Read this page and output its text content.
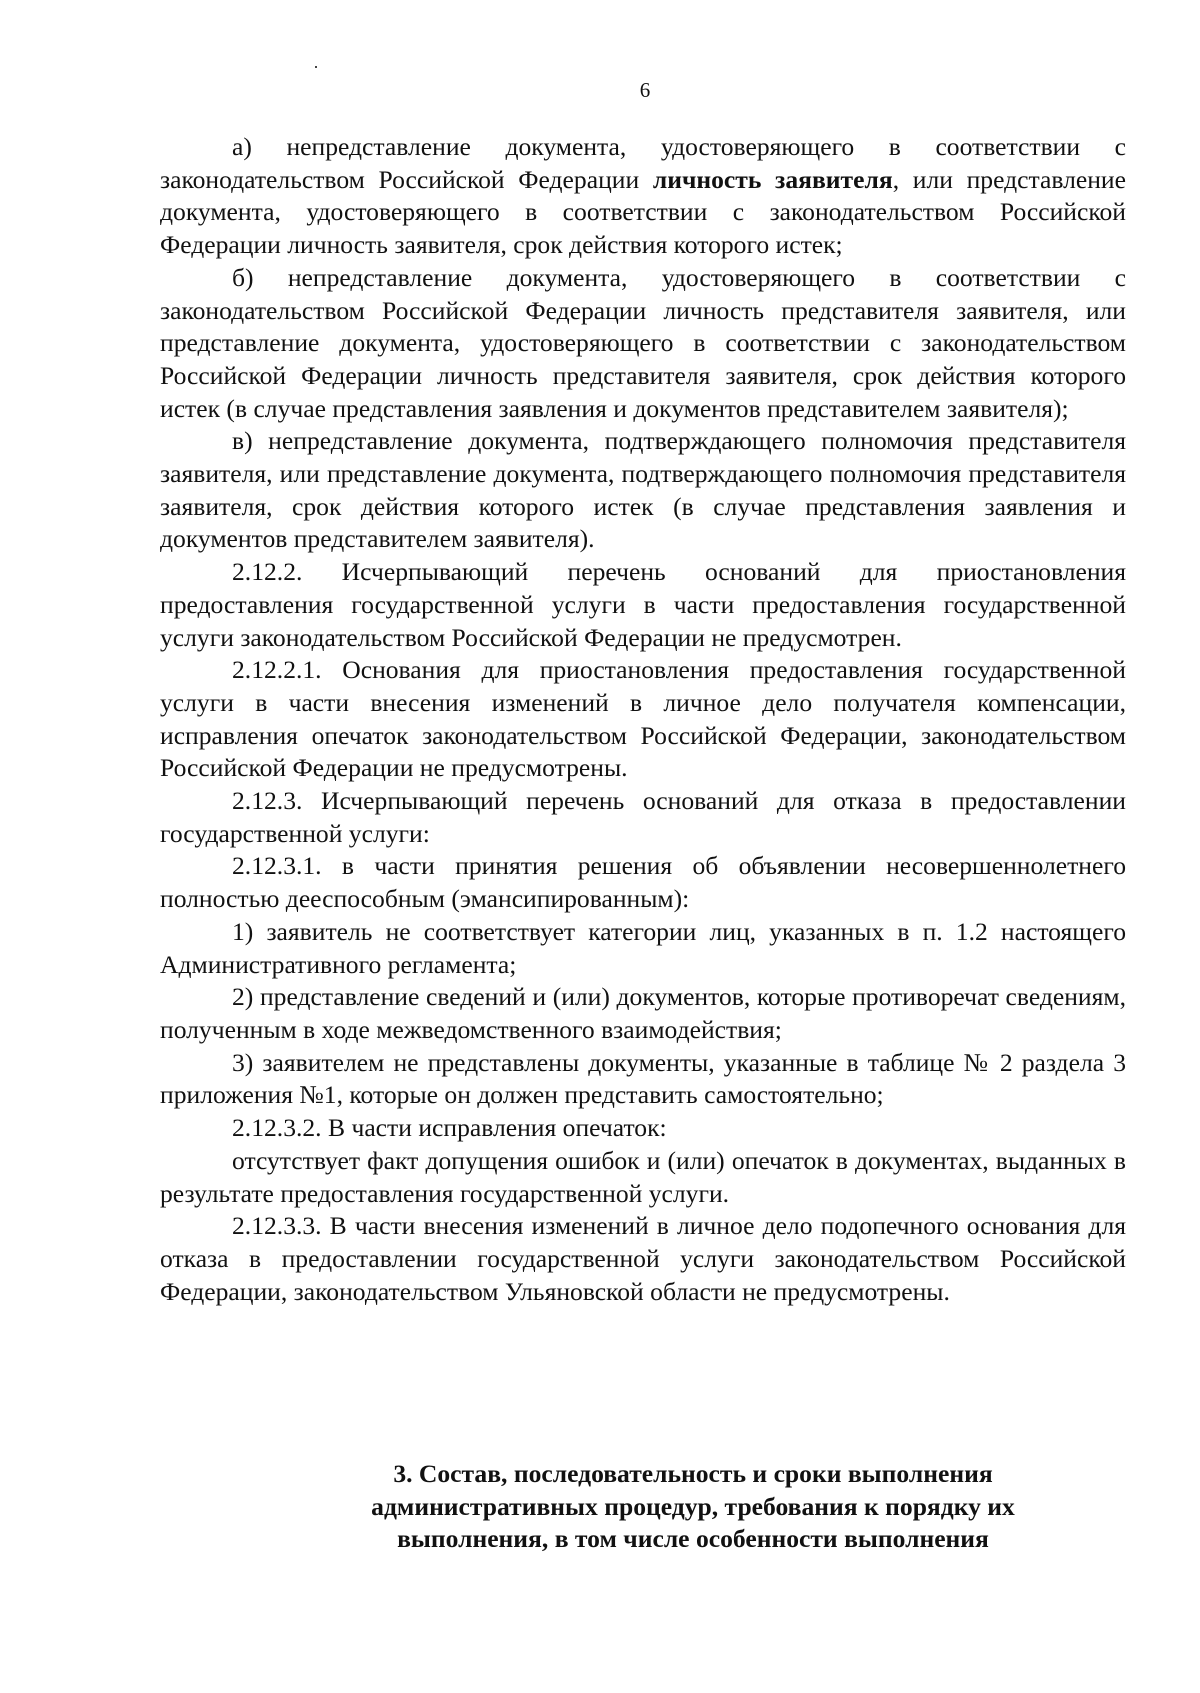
6

а) непредставление документа, удостоверяющего в соответствии с законодательством Российской Федерации личность заявителя, или представление документа, удостоверяющего в соответствии с законодательством Российской Федерации личность заявителя, срок действия которого истек;

б) непредставление документа, удостоверяющего в соответствии с законодательством Российской Федерации личность представителя заявителя, или представление документа, удостоверяющего в соответствии с законодательством Российской Федерации личность представителя заявителя, срок действия которого истек (в случае представления заявления и документов представителем заявителя);

в) непредставление документа, подтверждающего полномочия представителя заявителя, или представление документа, подтверждающего полномочия представителя заявителя, срок действия которого истек (в случае представления заявления и документов представителем заявителя).

2.12.2. Исчерпывающий перечень оснований для приостановления предоставления государственной услуги в части предоставления государственной услуги законодательством Российской Федерации не предусмотрен.

2.12.2.1. Основания для приостановления предоставления государственной услуги в части внесения изменений в личное дело получателя компенсации, исправления опечаток законодательством Российской Федерации, законодательством Российской Федерации не предусмотрены.

2.12.3. Исчерпывающий перечень оснований для отказа в предоставлении государственной услуги:

2.12.3.1. в части принятия решения об объявлении несовершеннолетнего полностью дееспособным (эмансипированным):

1) заявитель не соответствует категории лиц, указанных в п. 1.2 настоящего Административного регламента;

2) представление сведений и (или) документов, которые противоречат сведениям, полученным в ходе межведомственного взаимодействия;

3) заявителем не представлены документы, указанные в таблице № 2 раздела 3 приложения №1, которые он должен представить самостоятельно;

2.12.3.2. В части исправления опечаток:

отсутствует факт допущения ошибок и (или) опечаток в документах, выданных в результате предоставления государственной услуги.

2.12.3.3. В части внесения изменений в личное дело подопечного основания для отказа в предоставлении государственной услуги законодательством Российской Федерации, законодательством Ульяновской области не предусмотрены.

3. Состав, последовательность и сроки выполнения
административных процедур, требования к порядку их
выполнения, в том числе особенности выполнения
